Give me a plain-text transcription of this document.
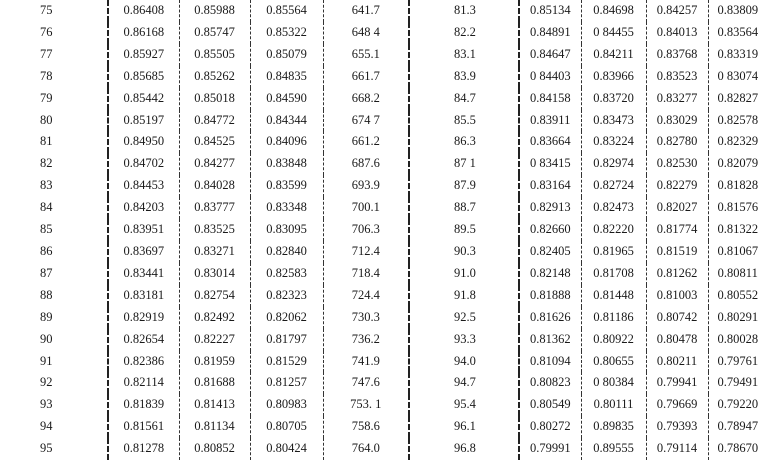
75	0.86408	0.85988	0.85564	641.7	81.3	0.85134	0.84698	0.84257	0.83809
76	0.86168	0.85747	0.85322	648 4	82.2	0.84891	0 84455	0.84013	0.83564
77	0.85927	0.85505	0.85079	655.1	83.1	0.84647	0.84211	0.83768	0.83319
78	0.85685	0.85262	0.84835	661.7	83.9	0 84403	0.83966	0.83523	0 83074
79	0.85442	0.85018	0.84590	668.2	84.7	0.84158	0.83720	0.83277	0.82827
80	0.85197	0.84772	0.84344	674 7	85.5	0.83911	0.83473	0.83029	0.82578
81	0.84950	0.84525	0.84096	661.2	86.3	0.83664	0.83224	0.82780	0.82329
82	0.84702	0.84277	0.83848	687.6	87 1	0 83415	0.82974	0.82530	0.82079
83	0.84453	0.84028	0.83599	693.9	87.9	0.83164	0.82724	0.82279	0.81828
84	0.84203	0.83777	0.83348	700.1	88.7	0.82913	0.82473	0.82027	0.81576
85	0.83951	0.83525	0.83095	706.3	89.5	0.82660	0.82220	0.81774	0.81322
86	0.83697	0.83271	0.82840	712.4	90.3	0.82405	0.81965	0.81519	0.81067
87	0.83441	0.83014	0.82583	718.4	91.0	0.82148	0.81708	0.81262	0.80811
88	0.83181	0.82754	0.82323	724.4	91.8	0.81888	0.81448	0.81003	0.80552
89	0.82919	0.82492	0.82062	730.3	92.5	0.81626	0.81186	0.80742	0.80291
90	0.82654	0.82227	0.81797	736.2	93.3	0.81362	0.80922	0.80478	0.80028
91	0.82386	0.81959	0.81529	741.9	94.0	0.81094	0.80655	0.80211	0.79761
92	0.82114	0.81688	0.81257	747.6	94.7	0.80823	0 80384	0.79941	0.79491
93	0.81839	0.81413	0.80983	753. 1	95.4	0.80549	0.80111	0.79669	0.79220
94	0.81561	0.81134	0.80705	758.6	96.1	0.80272	0.89835	0.79393	0.78947
95	0.81278	0.80852	0.80424	764.0	96.8	0.79991	0.89555	0.79114	0.78670
